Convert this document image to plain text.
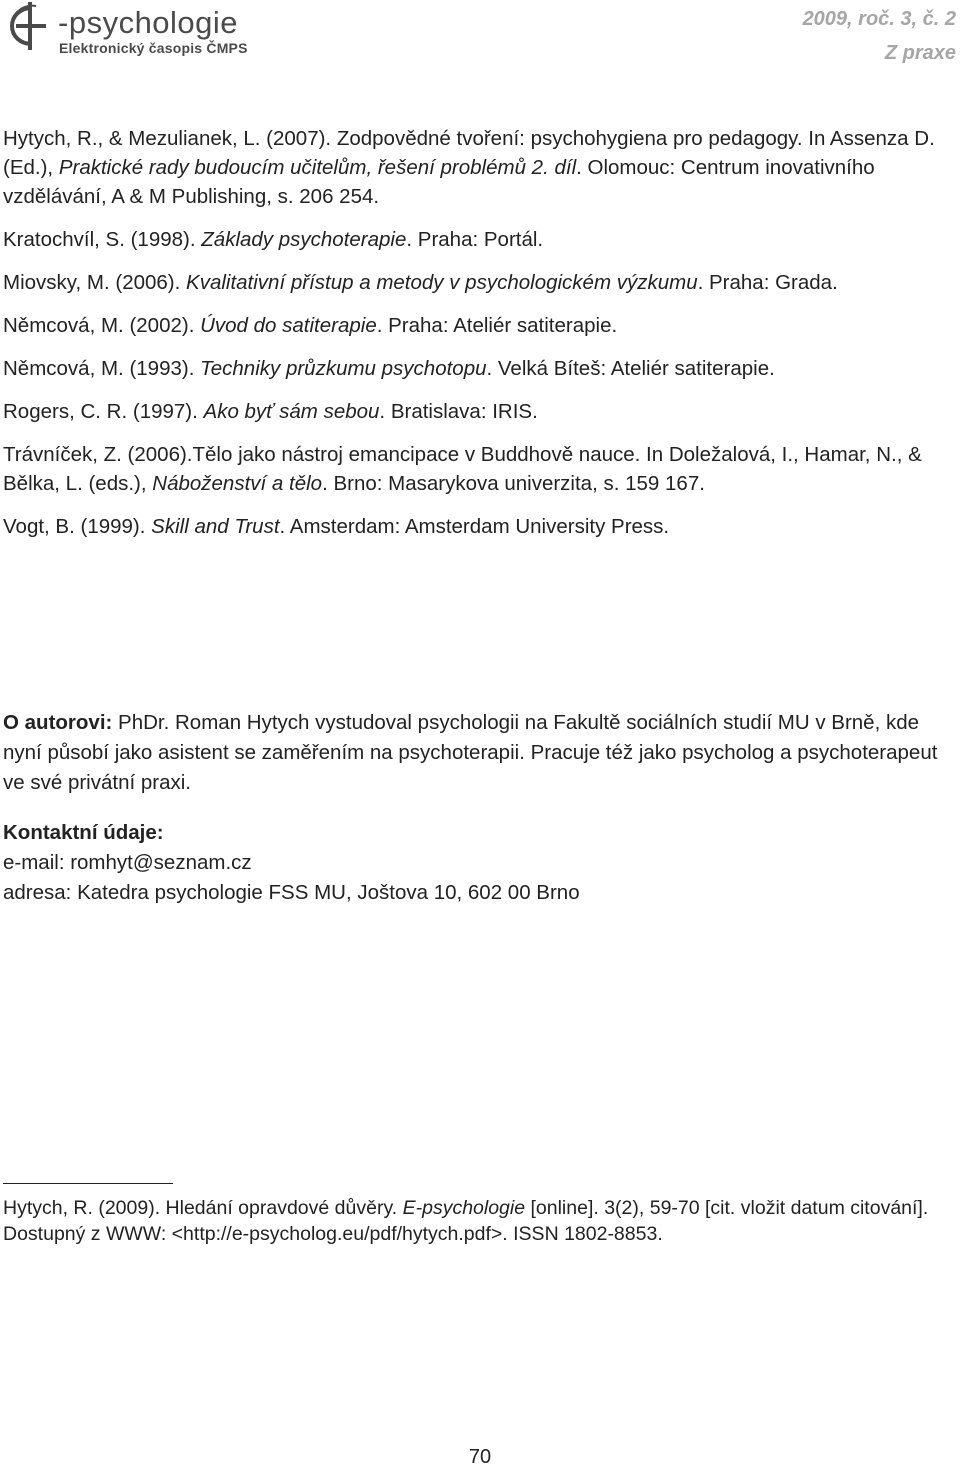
-psychologie
Elektronický časopis ČMPS
2009, roč. 3, č. 2
Z praxe

Hytych, R., & Mezulianek, L. (2007). Zodpovědné tvoření: psychohygiena pro pedagogy. In Assenza D. (Ed.), Praktické rady budoucím učitelům, řešení problémů 2. díl. Olomouc: Centrum inovativního vzdělávání, A & M Publishing, s. 206 254.

Kratochvíl, S. (1998). Základy psychoterapie. Praha: Portál.

Miovsky, M. (2006). Kvalitativní přístup a metody v psychologickém výzkumu. Praha: Grada.

Němcová, M. (2002). Úvod do satiterapie. Praha: Ateliér satiterapie.

Němcová, M. (1993). Techniky průzkumu psychotopu. Velká Bíteš: Ateliér satiterapie.

Rogers, C. R. (1997). Ako byť sám sebou. Bratislava: IRIS.

Trávníček, Z. (2006).Tělo jako nástroj emancipace v Buddhově nauce. In Doležalová, I., Hamar, N., & Bělka, L. (eds.), Náboženství a tělo. Brno: Masarykova univerzita, s. 159 167.

Vogt, B. (1999). Skill and Trust. Amsterdam: Amsterdam University Press.

O autorovi: PhDr. Roman Hytych vystudoval psychologii na Fakultě sociálních studií MU v Brně, kde nyní působí jako asistent se zaměřením na psychoterapii. Pracuje též jako psycholog a psychoterapeut ve své privátní praxi.
Kontaktní údaje:
e-mail: romhyt@seznam.cz
adresa: Katedra psychologie FSS MU, Joštova 10, 602 00 Brno
Hytych, R. (2009). Hledání opravdové důvěry. E-psychologie [online]. 3(2), 59-70 [cit. vložit datum citování]. Dostupný z WWW: <http://e-psycholog.eu/pdf/hytych.pdf>. ISSN 1802-8853.
70
